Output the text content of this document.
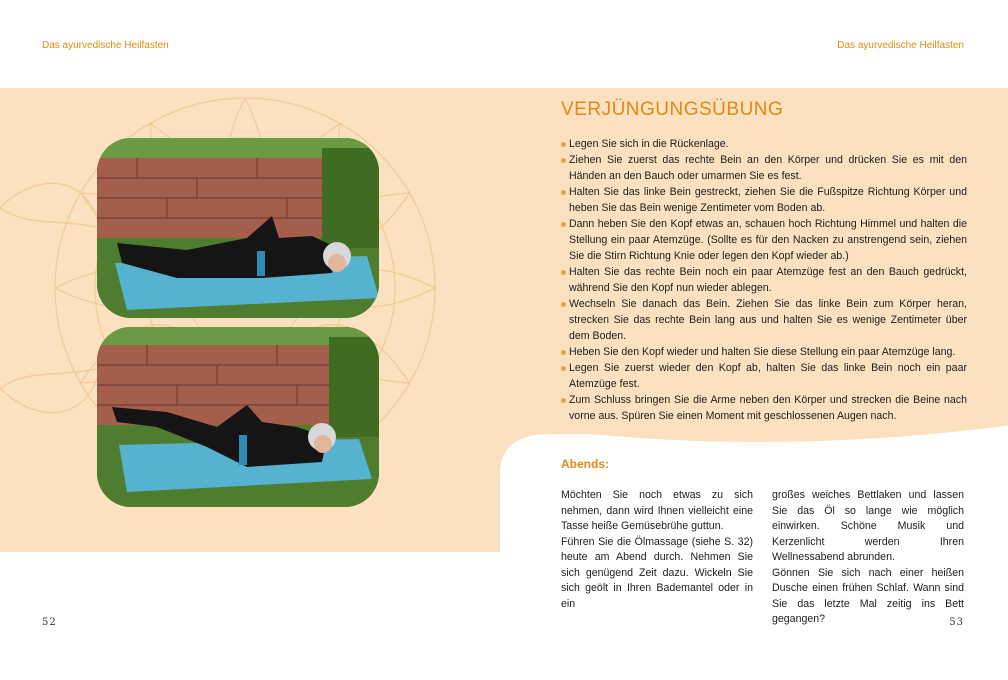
Das ayurvedische Heilfasten	Das ayurvedische Heilfasten
VERJÜNGUNGSÜBUNG
Legen Sie sich in die Rückenlage.
Ziehen Sie zuerst das rechte Bein an den Körper und drücken Sie es mit den Händen an den Bauch oder umarmen Sie es fest.
Halten Sie das linke Bein gestreckt, ziehen Sie die Fußspitze Richtung Körper und heben Sie das Bein wenige Zentimeter vom Boden ab.
Dann heben Sie den Kopf etwas an, schauen hoch Richtung Himmel und halten die Stellung ein paar Atemzüge. (Sollte es für den Nacken zu anstrengend sein, ziehen Sie die Stirn Richtung Knie oder legen den Kopf wieder ab.)
Halten Sie das rechte Bein noch ein paar Atemzüge fest an den Bauch gedrückt, während Sie den Kopf nun wieder ablegen.
Wechseln Sie danach das Bein. Ziehen Sie das linke Bein zum Körper heran, strecken Sie das rechte Bein lang aus und halten Sie es wenige Zentimeter über dem Boden.
Heben Sie den Kopf wieder und halten Sie diese Stellung ein paar Atemzüge lang.
Legen Sie zuerst wieder den Kopf ab, halten Sie das linke Bein noch ein paar Atemzüge fest.
Zum Schluss bringen Sie die Arme neben den Körper und strecken die Beine nach vorne aus. Spüren Sie einen Moment mit geschlossenen Augen nach.
Abends:

Möchten Sie noch etwas zu sich nehmen, dann wird Ihnen vielleicht eine Tasse heiße Gemüsebrühe guttun.

Führen Sie die Ölmassage (siehe S. 32) heute am Abend durch. Nehmen Sie sich genügend Zeit dazu. Wickeln Sie sich geölt in Ihren Bademantel oder in ein

großes weiches Bettlaken und lassen Sie das Öl so lange wie möglich einwirken. Schöne Musik und Kerzenlicht werden Ihren Wellnessabend abrunden.

Gönnen Sie sich nach einer heißen Dusche einen frühen Schlaf. Wann sind Sie das letzte Mal zeitig ins Bett gegangen?

52	53
